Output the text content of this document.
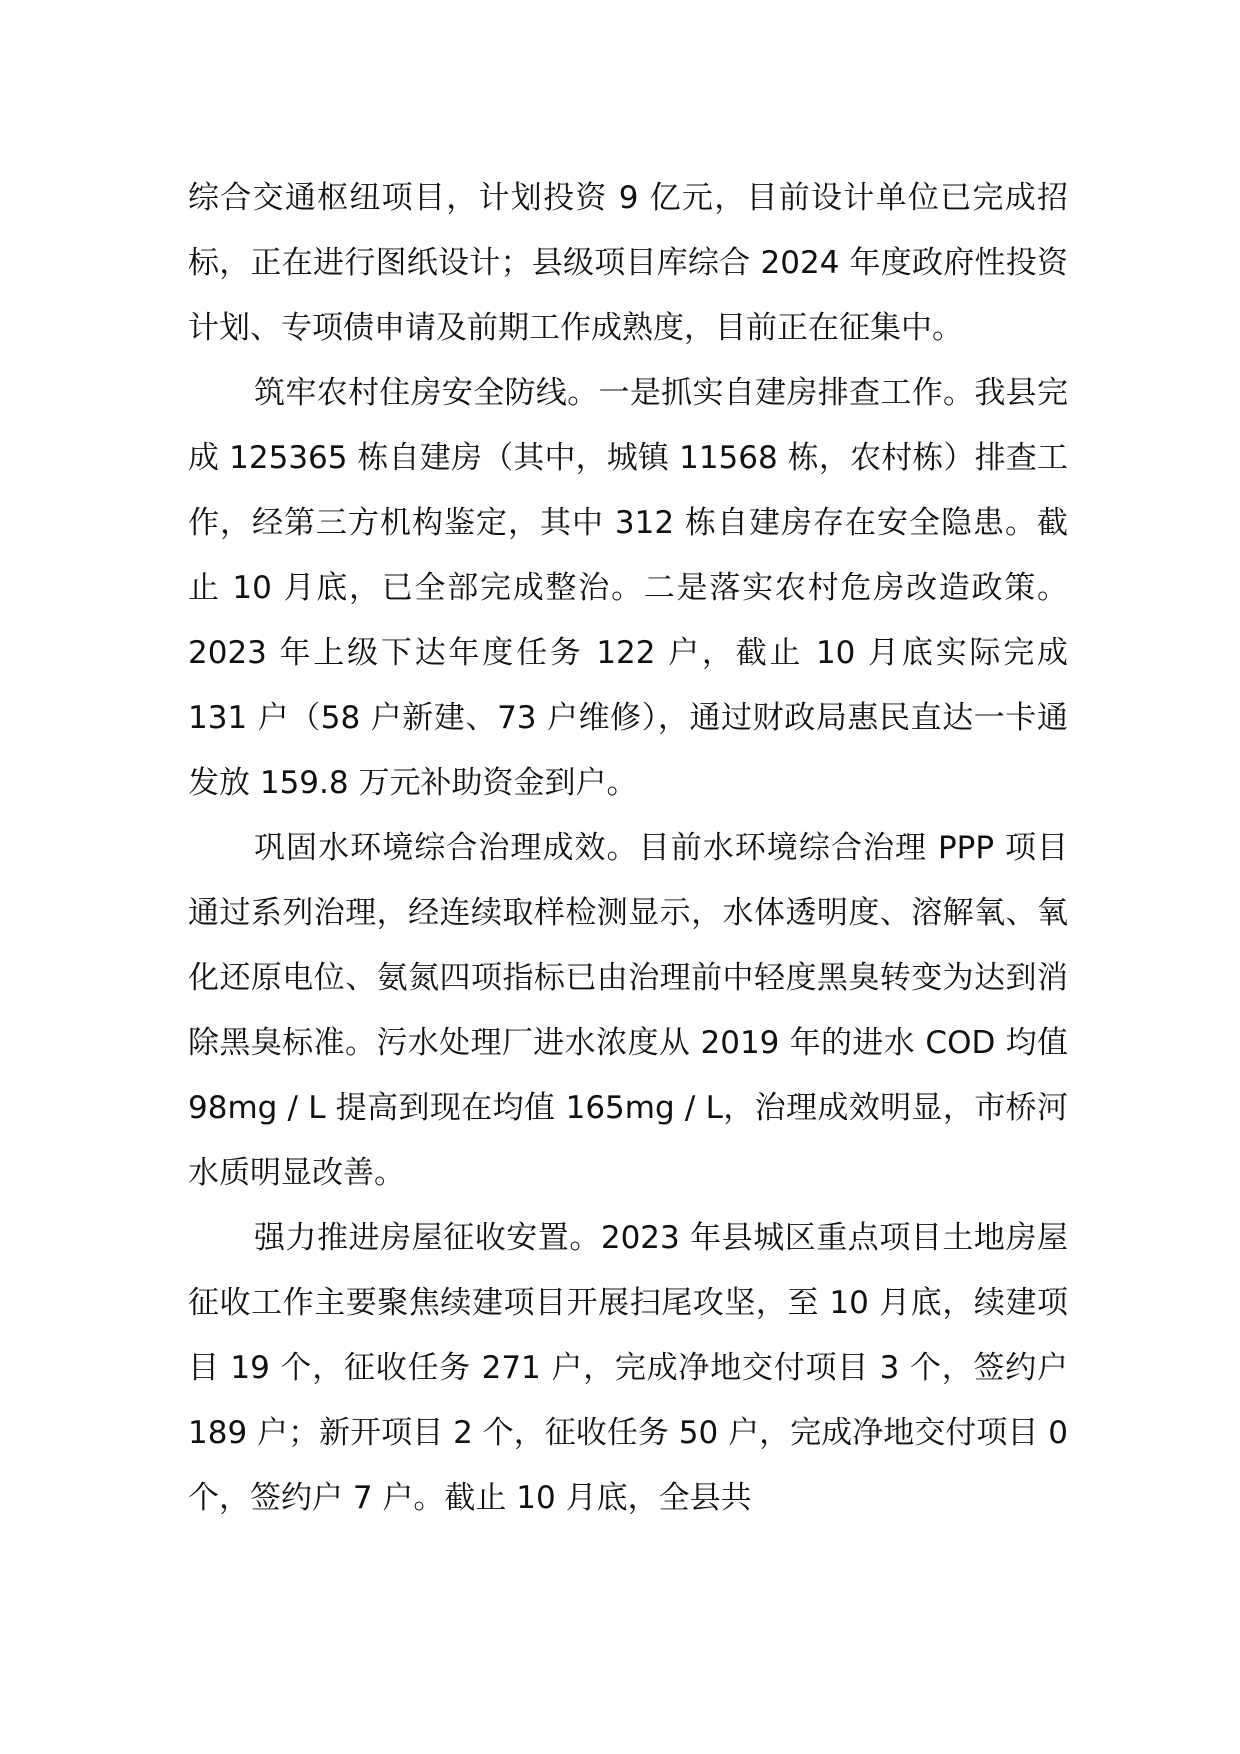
综合交通枢纽项目，计划投资 9 亿元，目前设计单位已完成招标，正在进行图纸设计；县级项目库综合 2024 年度政府性投资计划、专项债申请及前期工作成熟度，目前正在征集中。

筑牢农村住房安全防线。一是抓实自建房排查工作。我县完成 125365 栋自建房（其中，城镇 11568 栋，农村栋）排查工作，经第三方机构鉴定，其中 312 栋自建房存在安全隐患。截止 10 月底，已全部完成整治。二是落实农村危房改造政策。2023 年上级下达年度任务 122 户，截止 10 月底实际完成 131 户（58 户新建、73 户维修），通过财政局惠民直达一卡通发放 159.8 万元补助资金到户。

巩固水环境综合治理成效。目前水环境综合治理 PPP 项目通过系列治理，经连续取样检测显示，水体透明度、溶解氧、氧化还原电位、氨氮四项指标已由治理前中轻度黑臭转变为达到消除黑臭标准。污水处理厂进水浓度从 2019 年的进水 COD 均值 98mg / L 提高到现在均值 165mg / L，治理成效明显，市桥河水质明显改善。

强力推进房屋征收安置。2023 年县城区重点项目土地房屋征收工作主要聚焦续建项目开展扫尾攻坚，至 10 月底，续建项目 19 个，征收任务 271 户，完成净地交付项目 3 个，签约户 189 户；新开项目 2 个，征收任务 50 户，完成净地交付项目 0 个，签约户 7 户。截止 10 月底，全县共
